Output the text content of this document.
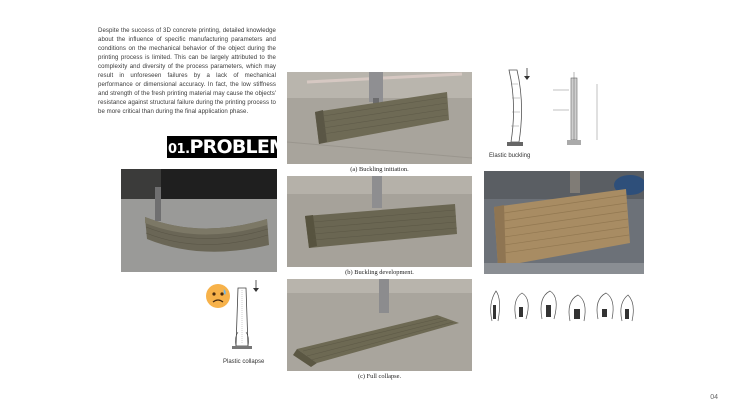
Despite the success of 3D concrete printing, detailed knowledge about the influence of specific manufacturing parameters and conditions on the mechanical behavior of the object during the printing process is limited. This can be largely attributed to the complexity and diversity of the process parameters, which may result in unforeseen failures by a lack of mechanical performance or dimensional accuracy. In fact, the low stiffness and strength of the fresh printing material may cause the objects' resistance against structural failure during the printing process to be more critical than during the final application phase.
01.PROBLEM
(a) Buckling initiation.
(b) Buckling development.
(c) Full collapse.
Elastic buckling
Plastic collapse
04
